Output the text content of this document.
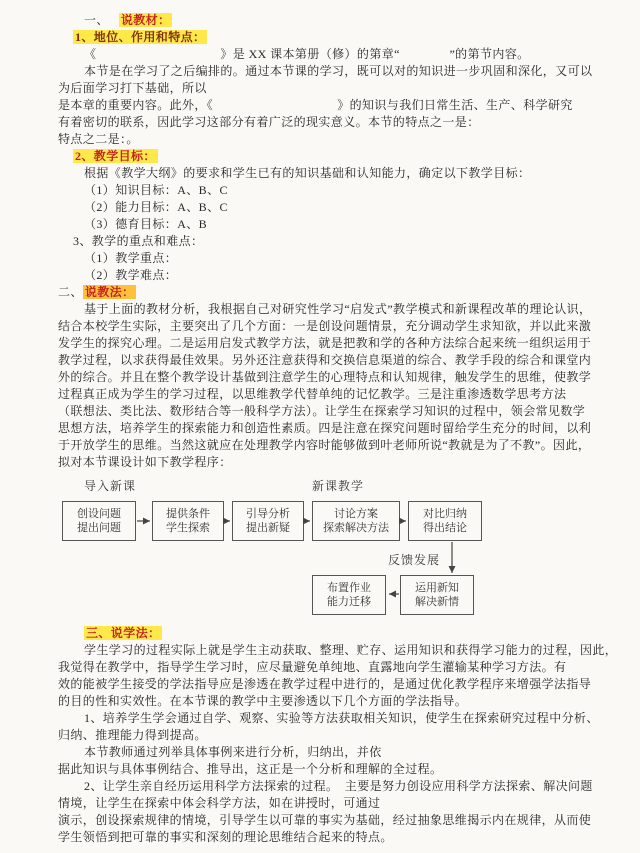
一、 说教材：
1、地位、作用和特点：
《　　　　　　　　　　》是 XX 课本第册（修）的第章“　　　　”的第节内容。
本节是在学习了之后编排的。通过本节课的学习，既可以对的知识进一步巩固和深化，又可以
为后面学习打下基础，所以
是本章的重要内容。此外，《　　　　　　　　　　》的知识与我们日常生活、生产、科学研究
有着密切的联系，因此学习这部分有着广泛的现实意义。本节的特点之一是：
特点之二是：。
2、教学目标：
根据《教学大纲》的要求和学生已有的知识基础和认知能力，确定以下教学目标：
（1）知识目标：A、B、C
（2）能力目标：A、B、C
（3）德育目标：A、B
3、教学的重点和难点：
（1）教学重点：
（2）教学难点：
二、 说教法：
基于上面的教材分析，我根据自己对研究性学习“启发式”教学模式和新课程改革的理论认识，
结合本校学生实际，主要突出了几个方面：一是创设问题情景，充分调动学生求知欲，并以此来激
发学生的探究心理。二是运用启发式教学方法，就是把教和学的各种方法综合起来统一组织运用于
教学过程，以求获得最佳效果。另外还注意获得和交换信息渠道的综合、教学手段的综合和课堂内
外的综合。并且在整个教学设计基做到注意学生的心理特点和认知规律，触发学生的思维，使教学
过程真正成为学生的学习过程，以思维教学代替单纯的记忆教学。三是注重渗透数学思考方法
（联想法、类比法、数形结合等一般科学方法）。让学生在探索学习知识的过程中，领会常见数学
思想方法，培养学生的探索能力和创造性素质。四是注意在探究问题时留给学生充分的时间，以利
于开放学生的思维。当然这就应在处理教学内容时能够做到叶老师所说“教就是为了不教”。因此，
拟对本节课设计如下教学程序：
导入新课	新课教学
创设问题
提出问题
提供条件
学生探索
引导分析
提出新疑
讨论方案
探索解决方法
对比归纳
得出结论
反馈发展
布置作业
能力迁移
运用新知
解决新情
三、说学法：
学生学习的过程实际上就是学生主动获取、整理、贮存、运用知识和获得学习能力的过程，因此，
我觉得在教学中，指导学生学习时，应尽量避免单纯地、直露地向学生灌输某种学习方法。有
效的能被学生接受的学法指导应是渗透在教学过程中进行的，是通过优化教学程序来增强学法指导
的目的性和实效性。在本节课的教学中主要渗透以下几个方面的学法指导。
1、培养学生学会通过自学、观察、实验等方法获取相关知识，使学生在探索研究过程中分析、
归纳、推理能力得到提高。
本节教师通过列举具体事例来进行分析，归纳出，并依
据此知识与具体事例结合、推导出，这正是一个分析和理解的全过程。
2、让学生亲自经历运用科学方法探索的过程。　主要是努力创设应用科学方法探索、解决问题
情境，让学生在探索中体会科学方法，如在讲授时，可通过
演示，创设探索规律的情境，引导学生以可靠的事实为基础，经过抽象思维揭示内在规律，从而使
学生领悟到把可靠的事实和深刻的理论思维结合起来的特点。
